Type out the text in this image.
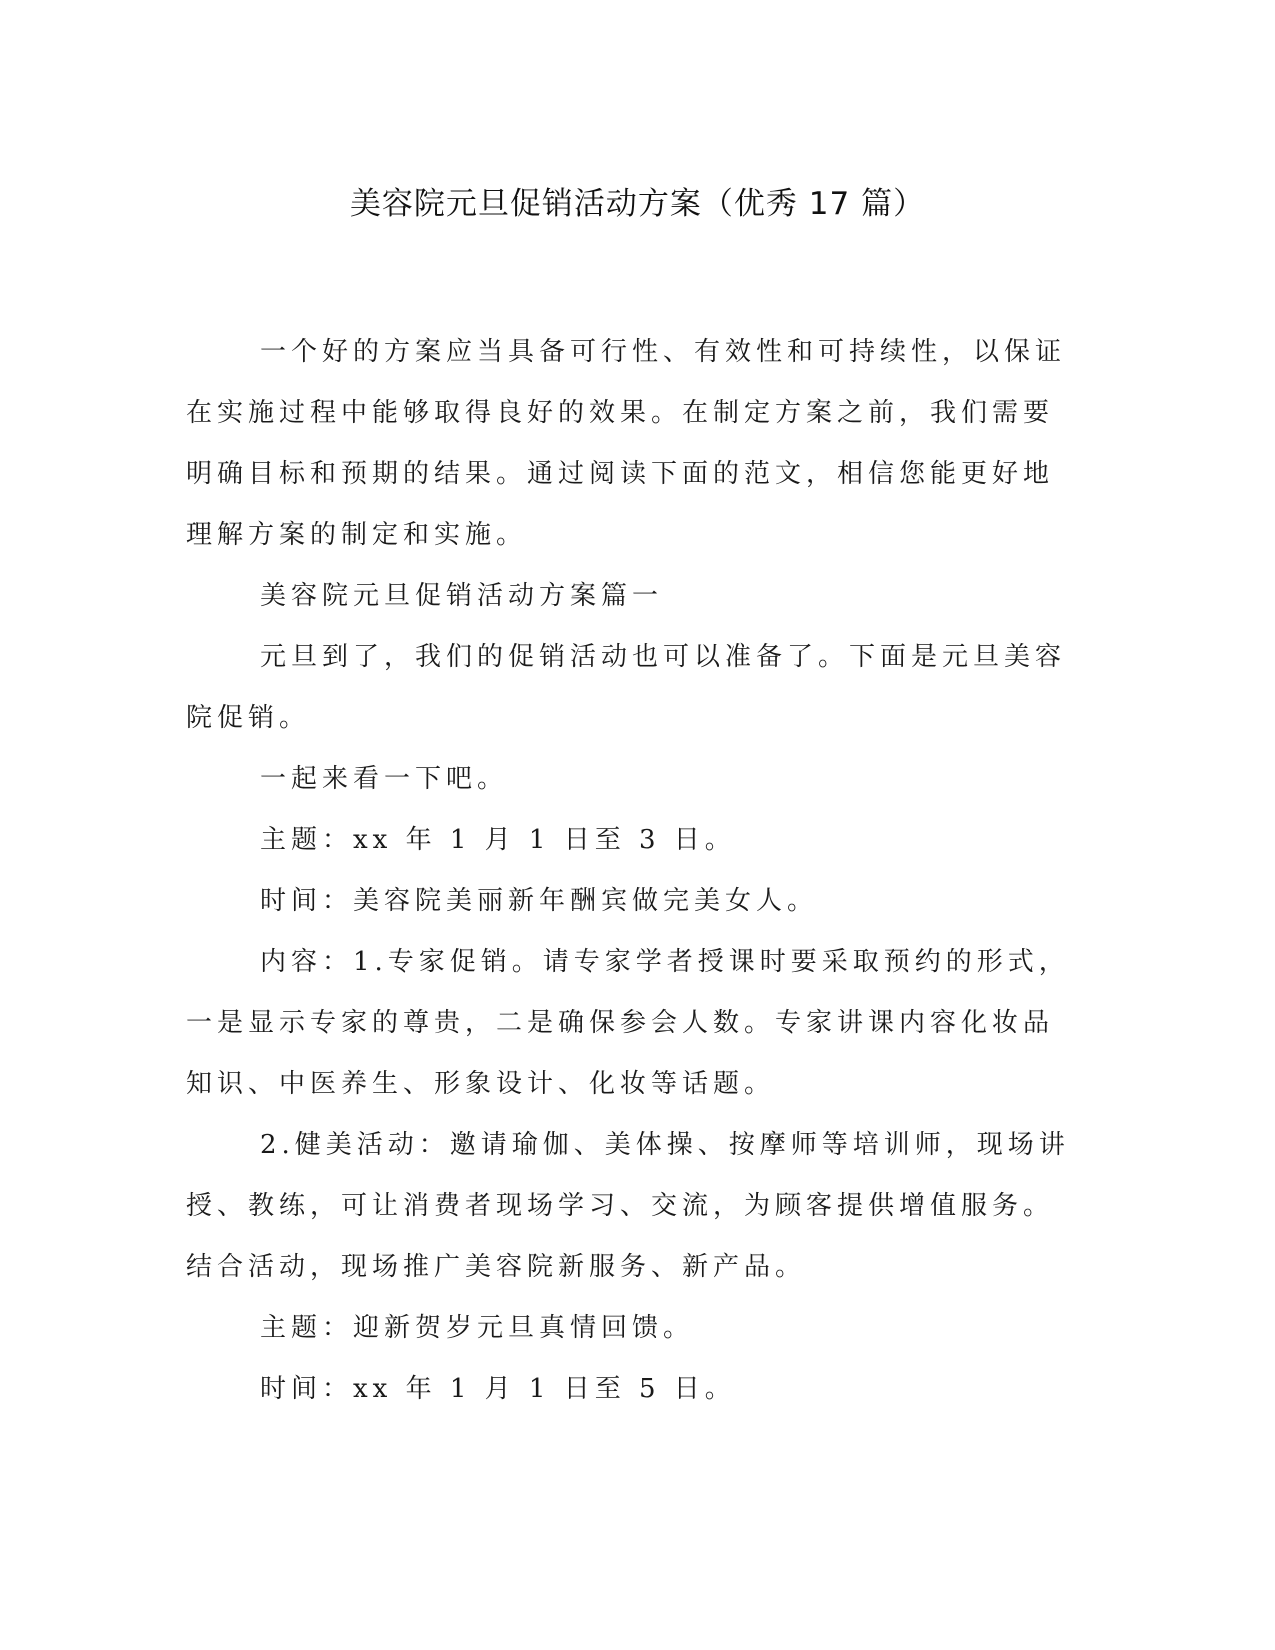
美容院元旦促销活动方案（优秀 17 篇）

一个好的方案应当具备可行性、有效性和可持续性，以保证在实施过程中能够取得良好的效果。在制定方案之前，我们需要明确目标和预期的结果。通过阅读下面的范文，相信您能更好地理解方案的制定和实施。

美容院元旦促销活动方案篇一

元旦到了，我们的促销活动也可以准备了。下面是元旦美容院促销。

一起来看一下吧。

主题：xx 年 1 月 1 日至 3 日。

时间：美容院美丽新年酬宾做完美女人。

内容：1.专家促销。请专家学者授课时要采取预约的形式，一是显示专家的尊贵，二是确保参会人数。专家讲课内容化妆品知识、中医养生、形象设计、化妆等话题。

2.健美活动：邀请瑜伽、美体操、按摩师等培训师，现场讲授、教练，可让消费者现场学习、交流，为顾客提供增值服务。结合活动，现场推广美容院新服务、新产品。

主题：迎新贺岁元旦真情回馈。

时间：xx 年 1 月 1 日至 5 日。
